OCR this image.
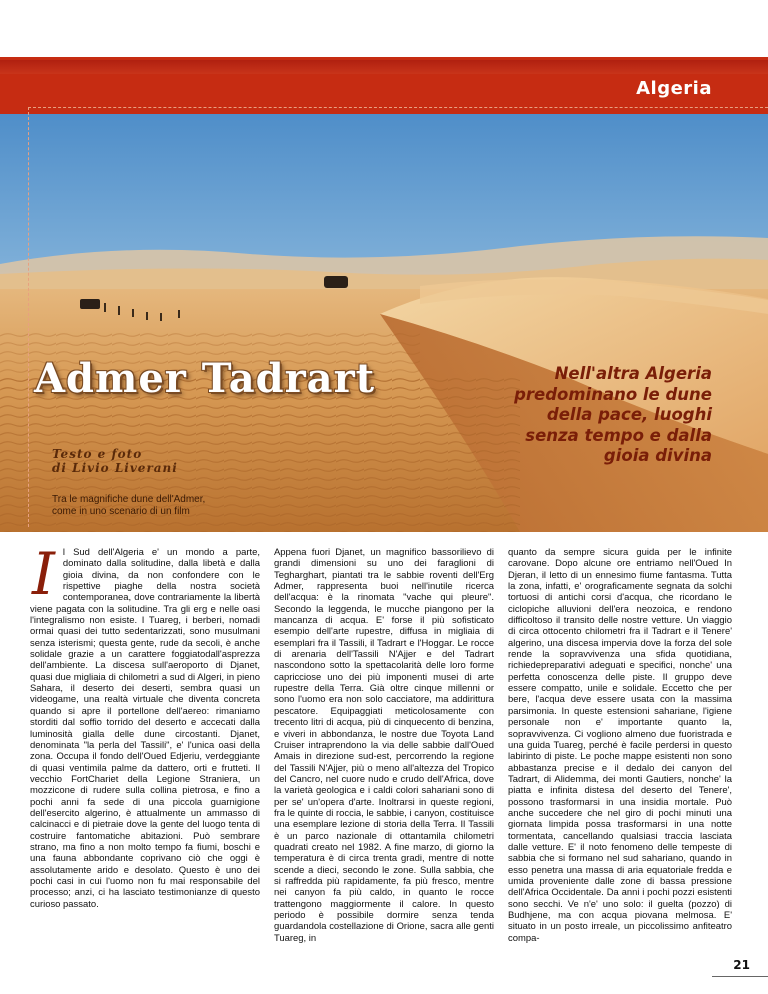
Algeria
Admer Tadrart
Testo e foto
di Livio Liverani
Tra le magnifiche dune dell'Admer, come in uno scenario di un film
Nell'altra Algeria predominano le dune della pace, luoghi senza tempo e dalla gioia divina
I l Sud dell'Algeria e' un mondo a parte, dominato dalla solitudine, dalla libetà e dalla gioia divina, da non confondere con le rispettive piaghe della nostra società contemporanea, dove contrariamente la libertà viene pagata con la solitudine. Tra gli erg e nelle oasi l'integralismo non esiste. I Tuareg, i berberi, nomadi ormai quasi dei tutto sedentarizzati, sono musulmani senza isterismi; questa gente, rude da secoli, è anche solidale grazie a un carattere foggiatodall'asprezza dell'ambiente. La discesa sull'aeroporto di Djanet, quasi due migliaia di chilometri a sud di Algeri, in pieno Sahara, il deserto dei deserti, sembra quasi un videogame, una realtà virtuale che diventa concreta quando si apre il portellone dell'aereo: rimaniamo storditi dal soffio torrido del deserto e accecati dalla luminosità gialla delle dune circostanti. Djanet, denominata "la perla del Tassili", e' l'unica oasi della zona. Occupa il fondo dell'Oued Edjeriu, verdeggiante di quasi ventimila palme da dattero, orti e frutteti. Il vecchio FortChariet della Legione Straniera, un mozzicone di rudere sulla collina pietrosa, e fino a pochi anni fa sede di una piccola guarnigione dell'esercito algerino, è attualmente un ammasso di calcinacci e di pietraie dove la gente del luogo tenta di costruire fantomatiche abitazioni. Può sembrare strano, ma fino a non molto tempo fa fiumi, boschi e una fauna abbondante coprivano ciò che oggi è assolutamente arido e desolato. Questo è uno dei pochi casi in cui l'uomo non fu mai responsabile del processo; anzi, ci ha lasciato testimonianze di questo curioso passato.

Appena fuori Djanet, un magnifico bassorilievo di grandi dimensioni su uno dei faraglioni di Tegharghart, piantati tra le sabbie roventi dell'Erg Admer, rappresenta buoi nell'inutile ricerca dell'acqua: è la rinomata "vache qui pleure". Secondo la leggenda, le mucche piangono per la mancanza di acqua. E' forse il più sofisticato esempio dell'arte rupestre, diffusa in migliaia di esemplari fra il Tassili, il Tadrart e l'Hoggar. Le rocce di arenaria dell'Tassili N'Ajjer e del Tadrart nascondono sotto la spettacolarità delle loro forme capricciose uno dei più imponenti musei di arte rupestre della Terra. Già oltre cinque millenni or sono l'uomo era non solo cacciatore, ma addirittura pescatore. Equipaggiati meticolosamente con trecento litri di acqua, più di cinquecento di benzina, e viveri in abbondanza, le nostre due Toyota Land Cruiser intraprendono la via delle sabbie dall'Oued Amais in direzione sud-est, percorrendo la regione del Tassili N'Ajjer, più o meno all'altezza del Tropico del Cancro, nel cuore nudo e crudo dell'Africa, dove la varietà geologica e i caldi colori sahariani sono di per se' un'opera d'arte. Inoltrarsi in queste regioni, fra le quinte di roccia, le sabbie, i canyon, costituisce una esemplare lezione di storia della Terra. Il Tassili è un parco nazionale di ottantamila chilometri quadrati creato nel 1982. A fine marzo, di giorno la temperatura è di circa trenta gradi, mentre di notte scende a dieci, secondo le zone. Sulla sabbia, che si raffredda più rapidamente, fa più fresco, mentre nei canyon fa più caldo, in quanto le rocce trattengono maggiormente il calore. In questo periodo è possibile dormire senza tenda guardandola costellazione di Orione, sacra alle genti Tuareg, in

quanto da sempre sicura guida per le infinite carovane. Dopo alcune ore entriamo nell'Oued In Djeran, il letto di un ennesimo fiume fantasma. Tutta la zona, infatti, e' orograficamente segnata da solchi tortuosi di antichi corsi d'acqua, che ricordano le ciclopiche alluvioni dell'era neozoica, e rendono difficoltoso il transito delle nostre vetture. Un viaggio di circa ottocento chilometri fra il Tadrart e il Tenere' algerino, una discesa impervia dove la forza del sole rende la sopravvivenza una sfida quotidiana, richiedepreparativi adeguati e specifici, nonche' una perfetta conoscenza delle piste. Il gruppo deve essere compatto, unile e solidale. Eccetto che per bere, l'acqua deve essere usata con la massima parsimonia. In queste estensioni sahariane, l'igiene personale non e' importante quanto la, sopravvivenza. Ci vogliono almeno due fuoristrada e una guida Tuareg, perché è facile perdersi in questo labirinto di piste. Le poche mappe esistenti non sono abbastanza precise e il dedalo dei canyon del Tadrart, di Alidemma, dei monti Gautiers, nonche' la piatta e infinita distesa del deserto del Tenere', possono trasformarsi in una insidia mortale. Può anche succedere che nel giro di pochi minuti una giornata limpida possa trasformarsi in una notte tormentata, cancellando qualsiasi traccia lasciata dalle vetture. E' il noto fenomeno delle tempeste di sabbia che si formano nel sud sahariano, quando in esso penetra una massa di aria equatoriale fredda e umida proveniente dalle zone di bassa pressione dell'Africa Occidentale. Da anni i pochi pozzi esistenti sono secchi. Ve n'e' uno solo: il guelta (pozzo) di Budhjene, ma con acqua piovana melmosa. E' situato in un posto irreale, un piccolissimo anfiteatro compa-

21
